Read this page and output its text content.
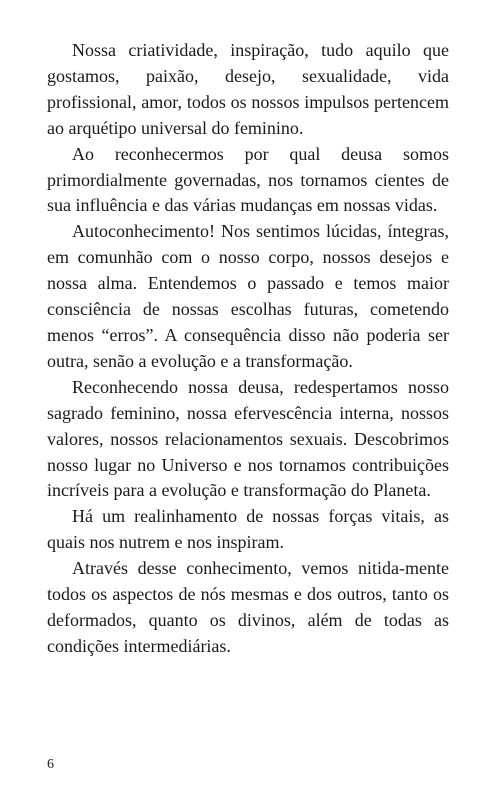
Nossa criatividade, inspiração, tudo aquilo que gostamos, paixão, desejo, sexualidade, vida profissional, amor, todos os nossos impulsos pertencem ao arquétipo universal do feminino.

Ao reconhecermos por qual deusa somos primordialmente governadas, nos tornamos cientes de sua influência e das várias mudanças em nossas vidas.

Autoconhecimento! Nos sentimos lúcidas, íntegras, em comunhão com o nosso corpo, nossos desejos e nossa alma. Entendemos o passado e temos maior consciência de nossas escolhas futuras, cometendo menos “erros”. A consequência disso não poderia ser outra, senão a evolução e a transformação.

Reconhecendo nossa deusa, redespertamos nosso sagrado feminino, nossa efervescência interna, nossos valores, nossos relacionamentos sexuais. Descobrimos nosso lugar no Universo e nos tornamos contribuições incríveis para a evolução e transformação do Planeta.

Há um realinhamento de nossas forças vitais, as quais nos nutrem e nos inspiram.

Através desse conhecimento, vemos nitida-mente todos os aspectos de nós mesmas e dos outros, tanto os deformados, quanto os divinos, além de todas as condições intermediárias.

6
